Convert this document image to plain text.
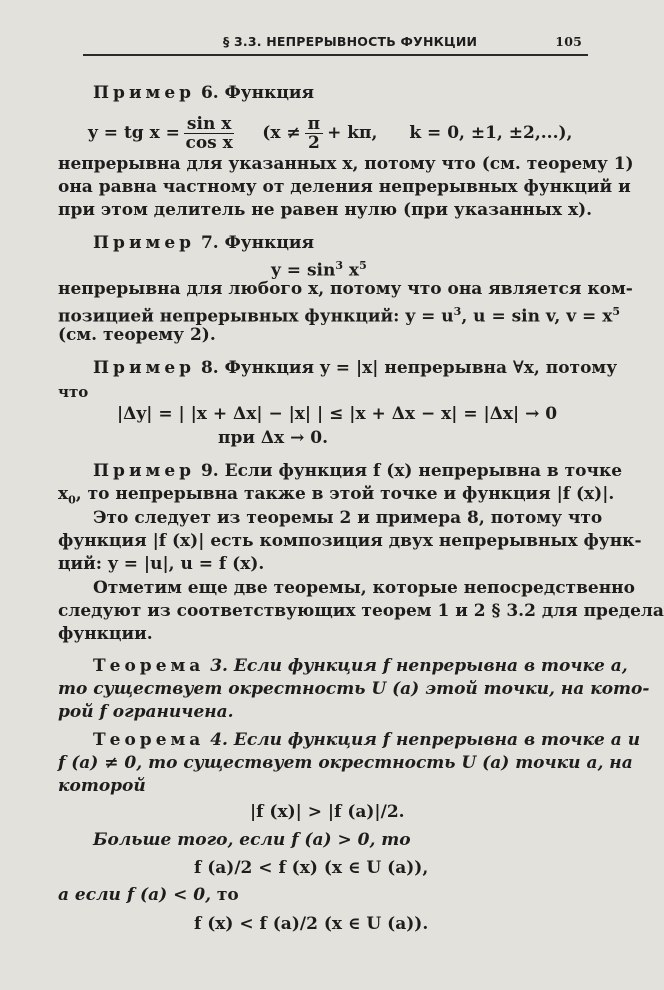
§ 3.3. НЕПРЕРЫВНОСТЬ ФУНКЦИИ	105
Пример 6. Функция
y = tg $x = \frac{\text{sin x}}{\text{cos x}} (x \ne \frac{\pi}{2} + k\pi$, k = 0, ±1, ±2,...),
непрерывна для указанных x, потому что (см. теорему 1)
она равна частному от деления непрерывных функций и
при этом делитель не равен нулю (при указанных x).
Пример 7. Функция
$y = \sin^3 x^5$
непрерывна для любого x, потому что она является ком-
позицией непрерывных функций: $y = u^3$, u = sin v, $v = x^5$
(см. теорему 2).
Пример 8. Функция y = |x| непрерывна ∀x, потому
что
|Δy| = | |x + Δx| − |x| | ≤ |x + Δx − x| = |Δx| → 0
при Δx → 0.
Пример 9. Если функция f (x) непрерывна в точке
$x_0$, то непрерывна также в этой точке и функция |f (x)|.
Это следует из теоремы 2 и примера 8, потому что
функция |f (x)| есть композиция двух непрерывных функ-
ций: y = |u|, u = f (x).
Отметим еще две теоремы, которые непосредственно
следуют из соответствующих теорем 1 и 2 § 3.2 для предела
функции.
Теорема 3. Если функция f непрерывна в точке a,
то существует окрестность U (a) этой точки, на кото-
рой f ограничена.
Теорема 4. Если функция f непрерывна в точке a и
f (a) ≠ 0, то существует окрестность U (a) точки a, на
которой
|f (x)| > |f (a)|/2.
Больше того, если f (a) > 0, то
f (a)/2 < f (x) (x ∈ U (a)),
а если f (a) < 0, то
f (x) < f (a)/2 (x ∈ U (a)).
